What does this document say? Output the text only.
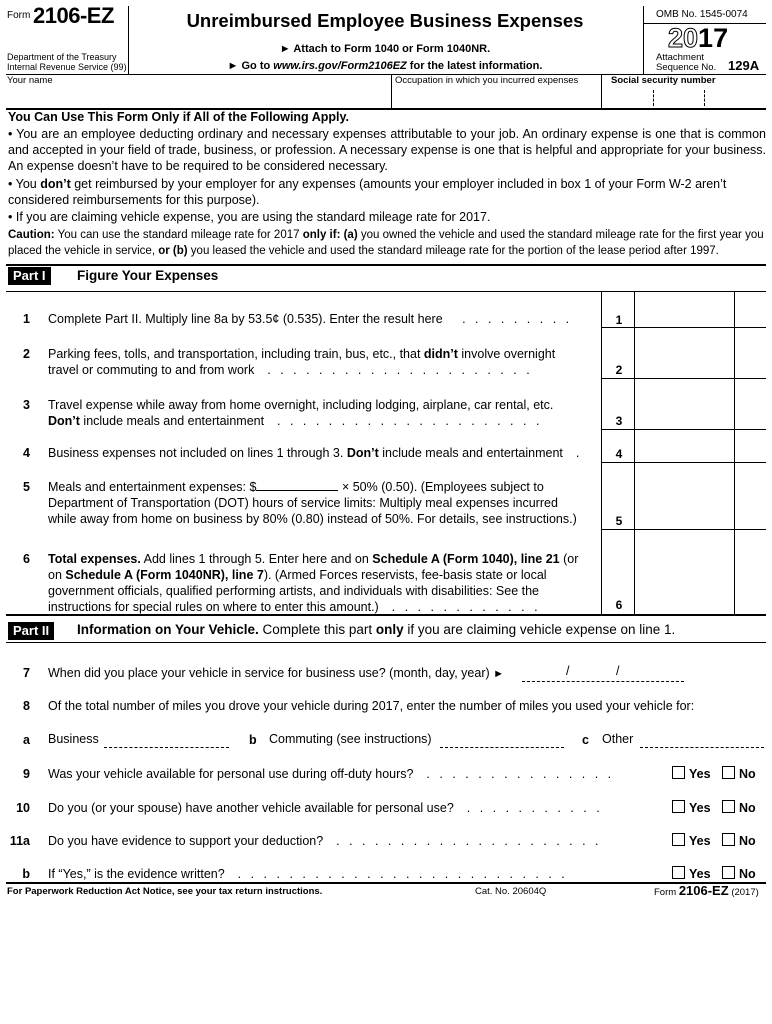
Form 2106-EZ
Department of the Treasury
Internal Revenue Service (99)
Unreimbursed Employee Business Expenses
► Attach to Form 1040 or Form 1040NR.
► Go to www.irs.gov/Form2106EZ for the latest information.
OMB No. 1545-0074
2017
Attachment
Sequence No. 129A
Your name	Occupation in which you incurred expenses	Social security number
You Can Use This Form Only if All of the Following Apply.
• You are an employee deducting ordinary and necessary expenses attributable to your job. An ordinary expense is one that is common and accepted in your field of trade, business, or profession. A necessary expense is one that is helpful and appropriate for your business. An expense doesn’t have to be required to be considered necessary.
• You don’t get reimbursed by your employer for any expenses (amounts your employer included in box 1 of your Form W-2 aren’t considered reimbursements for this purpose).
• If you are claiming vehicle expense, you are using the standard mileage rate for 2017.
Caution: You can use the standard mileage rate for 2017 only if: (a) you owned the vehicle and used the standard mileage rate for the first year you placed the vehicle in service, or (b) you leased the vehicle and used the standard mileage rate for the portion of the lease period after 1997.
Part I	Figure Your Expenses
1 Complete Part II. Multiply line 8a by 53.5¢ (0.535). Enter the result here   . . . . . . . . .	1
2 Parking fees, tolls, and transportation, including train, bus, etc., that didn’t involve overnight
travel or commuting to and from work  . . . . . . . . . . . . . . . . . . . . .	2
3 Travel expense while away from home overnight, including lodging, airplane, car rental, etc.
Don’t include meals and entertainment  . . . . . . . . . . . . . . . . . . . . .	3
4 Business expenses not included on lines 1 through 3. Don’t include meals and entertainment  .	4
5 Meals and entertainment expenses: $	× 50% (0.50). (Employees subject to
Department of Transportation (DOT) hours of service limits: Multiply meal expenses incurred
while away from home on business by 80% (0.80) instead of 50%. For details, see instructions.)	5
6 Total expenses. Add lines 1 through 5. Enter here and on Schedule A (Form 1040), line 21 (or
on Schedule A (Form 1040NR), line 7). (Armed Forces reservists, fee-basis state or local
government officials, qualified performing artists, and individuals with disabilities: See the
instructions for special rules on where to enter this amount.)  . . . . . . . . . . . .	6
Part II	Information on Your Vehicle. Complete this part only if you are claiming vehicle expense on line 1.
7 When did you place your vehicle in service for business use? (month, day, year) ►	/	/
8 Of the total number of miles you drove your vehicle during 2017, enter the number of miles you used your vehicle for:
a Business	b Commuting (see instructions)	c Other
9 Was your vehicle available for personal use during off-duty hours?  . . . . . . . . . . . . . . .	Yes	No
10 Do you (or your spouse) have another vehicle available for personal use?  . . . . . . . . . . .	Yes	No
11a Do you have evidence to support your deduction?  . . . . . . . . . . . . . . . . . . . . .	Yes	No
b If “Yes,” is the evidence written?  . . . . . . . . . . . . . . . . . . . . . . . . . .	Yes	No
For Paperwork Reduction Act Notice, see your tax return instructions.	Cat. No. 20604Q	Form 2106-EZ (2017)
